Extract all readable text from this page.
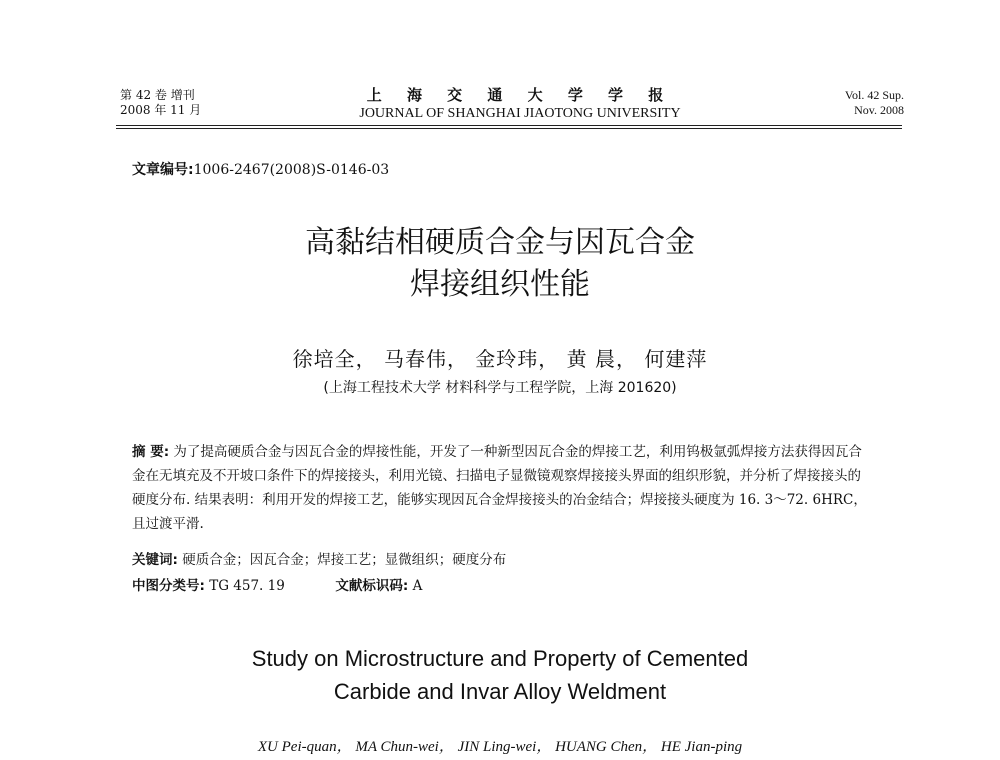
第 42 卷 增刊
2008 年 11 月
上 海 交 通 大 学 学 报
JOURNAL OF SHANGHAI JIAOTONG UNIVERSITY
Vol. 42 Sup.
Nov. 2008
文章编号:1006-2467(2008)S-0146-03
高黏结相硬质合金与因瓦合金
焊接组织性能
徐培全， 马春伟， 金玲玮， 黄 晨， 何建萍
(上海工程技术大学 材料科学与工程学院，上海 201620)
摘 要: 为了提高硬质合金与因瓦合金的焊接性能，开发了一种新型因瓦合金的焊接工艺，利用钨极氩弧焊接方法获得因瓦合金在无填充及不开坡口条件下的焊接接头，利用光镜、扫描电子显微镜观察焊接接头界面的组织形貌，并分析了焊接接头的硬度分布. 结果表明：利用开发的焊接工艺，能够实现因瓦合金焊接接头的冶金结合；焊接接头硬度为 16. 3～72. 6HRC，且过渡平滑.
关键词: 硬质合金；因瓦合金；焊接工艺；显微组织；硬度分布
中图分类号: TG 457. 19	文献标识码: A
Study on Microstructure and Property of Cemented
Carbide and Invar Alloy Weldment
XU Pei-quan， MA Chun-wei， JIN Ling-wei， HUANG Chen， HE Jian-ping
